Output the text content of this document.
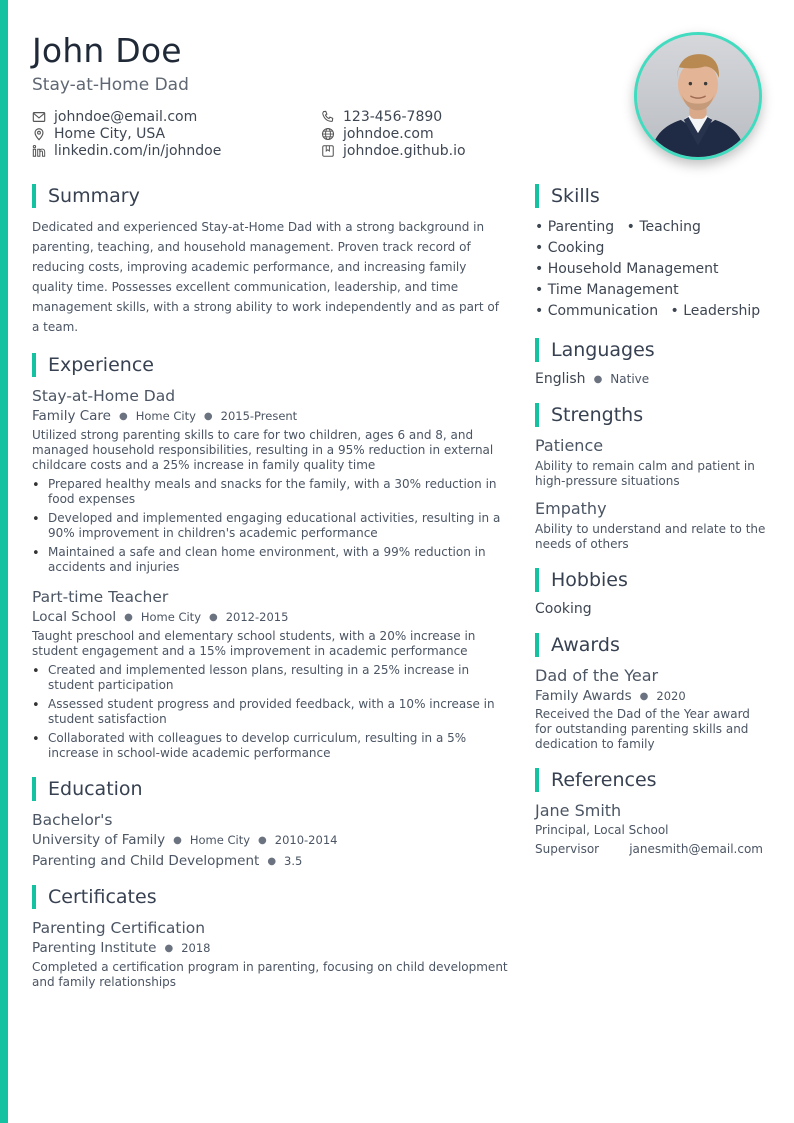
John Doe
Stay-at-Home Dad
johndoe@email.com
Home City, USA
linkedin.com/in/johndoe
123-456-7890
johndoe.com
johndoe.github.io
Summary

Dedicated and experienced Stay-at-Home Dad with a strong background in parenting, teaching, and household management. Proven track record of reducing costs, improving academic performance, and increasing family quality time. Possesses excellent communication, leadership, and time management skills, with a strong ability to work independently and as part of a team.

Experience
Stay-at-Home Dad
Family Care ● Home City ● 2015-Present

Utilized strong parenting skills to care for two children, ages 6 and 8, and managed household responsibilities, resulting in a 95% reduction in external childcare costs and a 25% increase in family quality time

• Prepared healthy meals and snacks for the family, with a 30% reduction in food expenses
• Developed and implemented engaging educational activities, resulting in a 90% improvement in children's academic performance
• Maintained a safe and clean home environment, with a 99% reduction in accidents and injuries
Part-time Teacher
Local School ● Home City ● 2012-2015

Taught preschool and elementary school students, with a 20% increase in student engagement and a 15% improvement in academic performance

• Created and implemented lesson plans, resulting in a 25% increase in student participation
• Assessed student progress and provided feedback, with a 10% increase in student satisfaction
• Collaborated with colleagues to develop curriculum, resulting in a 5% increase in school-wide academic performance
Education
Bachelor's
University of Family ● Home City ● 2010-2014
Parenting and Child Development ● 3.5
Certificates
Parenting Certification
Parenting Institute ● 2018

Completed a certification program in parenting, focusing on child development and family relationships

Skills
• Parenting • Teaching
• Cooking
• Household Management
• Time Management
• Communication • Leadership
Languages
English ● Native
Strengths
Patience
Ability to remain calm and patient in high-pressure situations
Empathy
Ability to understand and relate to the needs of others
Hobbies
Cooking
Awards
Dad of the Year
Family Awards ● 2020
Received the Dad of the Year award for outstanding parenting skills and dedication to family
References
Jane Smith
Principal, Local School
Supervisor	janesmith@email.com
